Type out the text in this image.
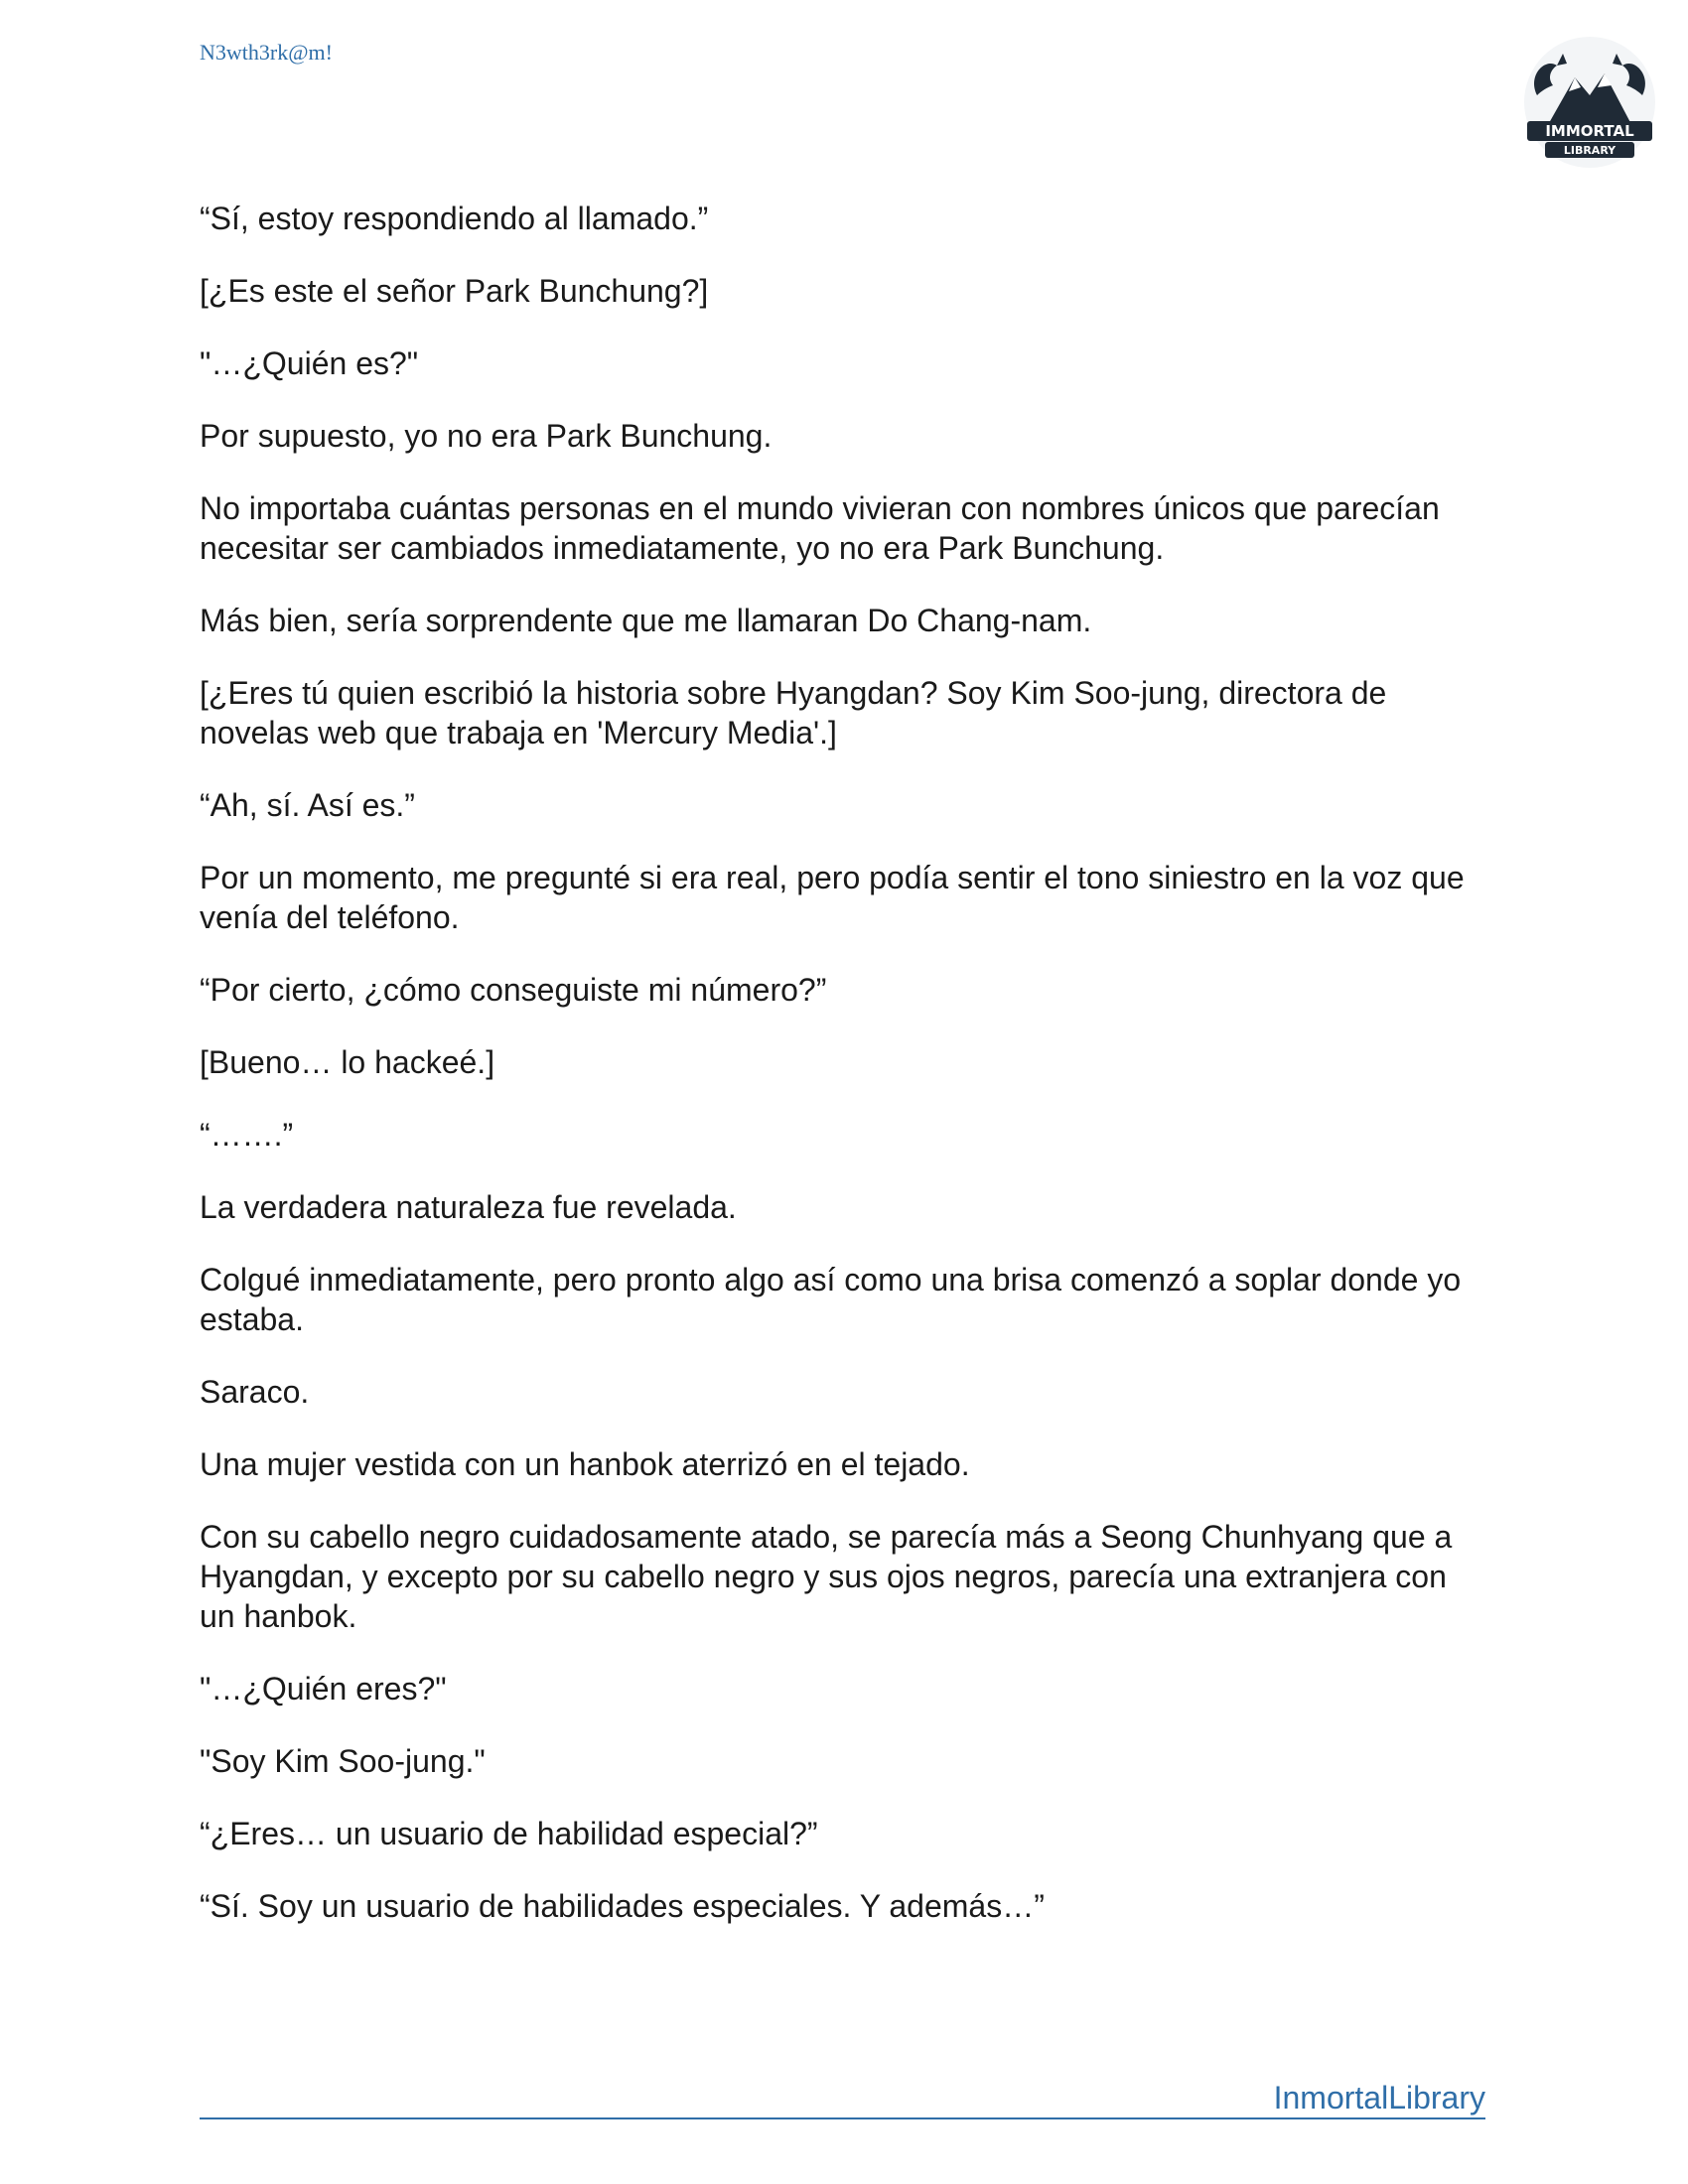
N3wth3rk@m!
IMMORTAL
LIBRARY

“Sí, estoy respondiendo al llamado.”

[¿Es este el señor Park Bunchung?]

"…¿Quién es?"

Por supuesto, yo no era Park Bunchung.

No importaba cuántas personas en el mundo vivieran con nombres únicos que parecían necesitar ser cambiados inmediatamente, yo no era Park Bunchung.

Más bien, sería sorprendente que me llamaran Do Chang-nam.

[¿Eres tú quien escribió la historia sobre Hyangdan? Soy Kim Soo-jung, directora de novelas web que trabaja en 'Mercury Media'.]

“Ah, sí. Así es.”

Por un momento, me pregunté si era real, pero podía sentir el tono siniestro en la voz que venía del teléfono.

“Por cierto, ¿cómo conseguiste mi número?”

[Bueno… lo hackeé.]

“…….”

La verdadera naturaleza fue revelada.

Colgué inmediatamente, pero pronto algo así como una brisa comenzó a soplar donde yo estaba.

Saraco.

Una mujer vestida con un hanbok aterrizó en el tejado.

Con su cabello negro cuidadosamente atado, se parecía más a Seong Chunhyang que a Hyangdan, y excepto por su cabello negro y sus ojos negros, parecía una extranjera con un hanbok.

"…¿Quién eres?"

"Soy Kim Soo-jung."

“¿Eres… un usuario de habilidad especial?”

“Sí. Soy un usuario de habilidades especiales. Y además…”

InmortalLibrary
